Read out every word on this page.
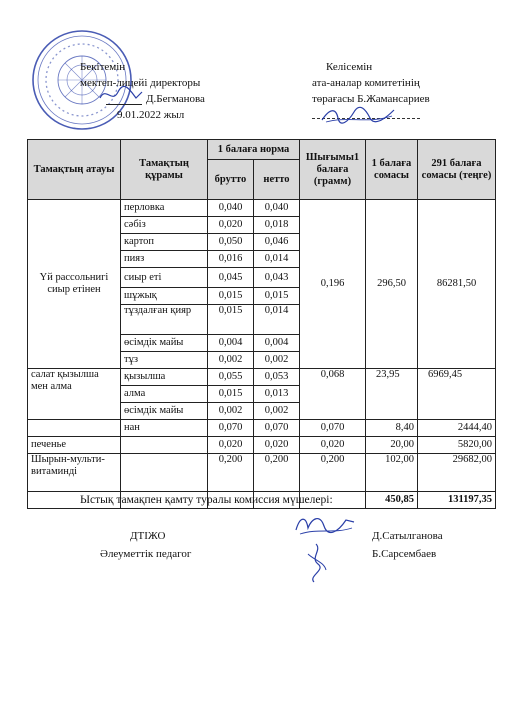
Бекітемін
мектеп-лицейі директоры
Д.Бегманова
9.01.2022 жыл
Келісемін
ата-аналар комитетінің
төрағасы Б.Жамансариев
Тамақтың атауы	Тамақтың құрамы	1 балаға норма		Шығымы1 балаға (грамм)	1 балаға сомасы	291 балаға сомасы (теңге)
		брутто	нетто			
Үй рассольнигі сиыр етінен	перловка	0,040	0,040	0,196	296,50	86281,50
	сәбіз	0,020	0,018			
	картоп	0,050	0,046			
	пияз	0,016	0,014			
	сиыр еті	0,045	0,043			
	шұжық	0,015	0,015			
	тұздалған қияр	0,015	0,014			
	өсімдік майы	0,004	0,004			
	тұз	0,002	0,002			
салат қызылша мен алма	қызылша	0,055	0,053	0,068	23,95	6969,45
	алма	0,015	0,013			
	өсімдік майы	0,002	0,002			
	нан	0,070	0,070	0,070	8,40	2444,40
печенье		0,020	0,020	0,020	20,00	5820,00
Шырын-мульти-витаминді		0,200	0,200	0,200	102,00	29682,00
					450,85	131197,35
Ыстық тамақпен қамту туралы комиссия мүшелері:
ДТІЖО	Д.Сатылганова
Әлеуметтік педагог	Б.Сарсембаев
